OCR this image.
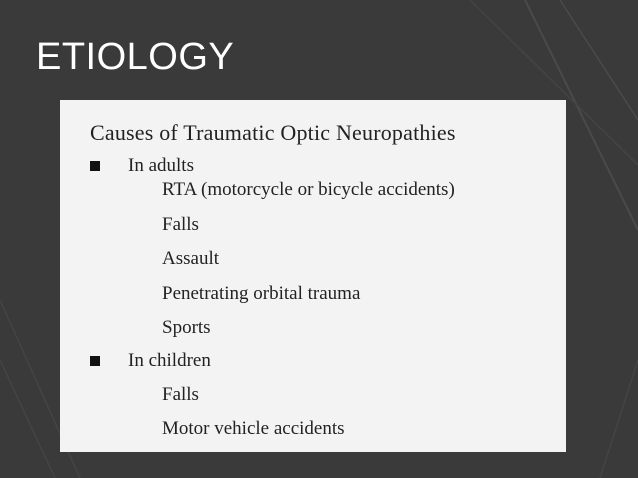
ETIOLOGY
Causes of Traumatic Optic Neuropathies
In adults
RTA (motorcycle or bicycle accidents)
Falls
Assault
Penetrating orbital trauma
Sports
In children
Falls
Motor vehicle accidents
